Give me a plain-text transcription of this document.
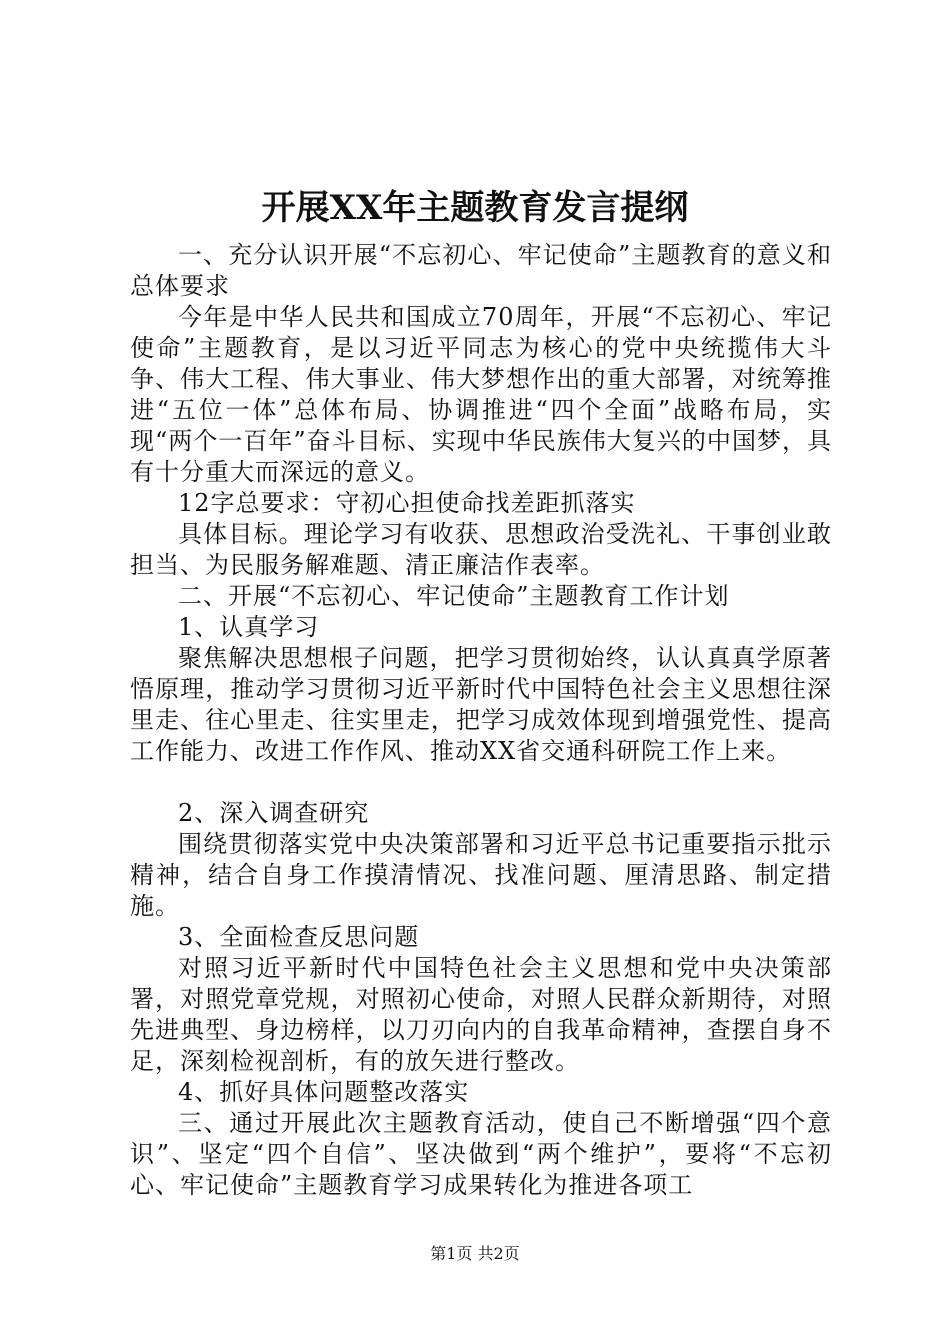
开展XX年主题教育发言提纲

一、充分认识开展“不忘初心、牢记使命”主题教育的意义和总体要求

今年是中华人民共和国成立70周年，开展“不忘初心、牢记使命”主题教育，是以习近平同志为核心的党中央统揽伟大斗争、伟大工程、伟大事业、伟大梦想作出的重大部署，对统筹推进“五位一体”总体布局、协调推进“四个全面”战略布局，实现“两个一百年”奋斗目标、实现中华民族伟大复兴的中国梦，具有十分重大而深远的意义。

12字总要求：守初心担使命找差距抓落实

具体目标。理论学习有收获、思想政治受洗礼、干事创业敢担当、为民服务解难题、清正廉洁作表率。

二、开展“不忘初心、牢记使命”主题教育工作计划

1、认真学习

聚焦解决思想根子问题，把学习贯彻始终，认认真真学原著悟原理，推动学习贯彻习近平新时代中国特色社会主义思想往深里走、往心里走、往实里走，把学习成效体现到增强党性、提高工作能力、改进工作作风、推动XX省交通科研院工作上来。

2、深入调查研究

围绕贯彻落实党中央决策部署和习近平总书记重要指示批示精神，结合自身工作摸清情况、找准问题、厘清思路、制定措施。

3、全面检查反思问题

对照习近平新时代中国特色社会主义思想和党中央决策部署，对照党章党规，对照初心使命，对照人民群众新期待，对照先进典型、身边榜样，以刀刃向内的自我革命精神，查摆自身不足，深刻检视剖析，有的放矢进行整改。

4、抓好具体问题整改落实

三、通过开展此次主题教育活动，使自己不断增强“四个意识”、坚定“四个自信”、坚决做到“两个维护”，要将“不忘初心、牢记使命”主题教育学习成果转化为推进各项工

第1页 共2页
